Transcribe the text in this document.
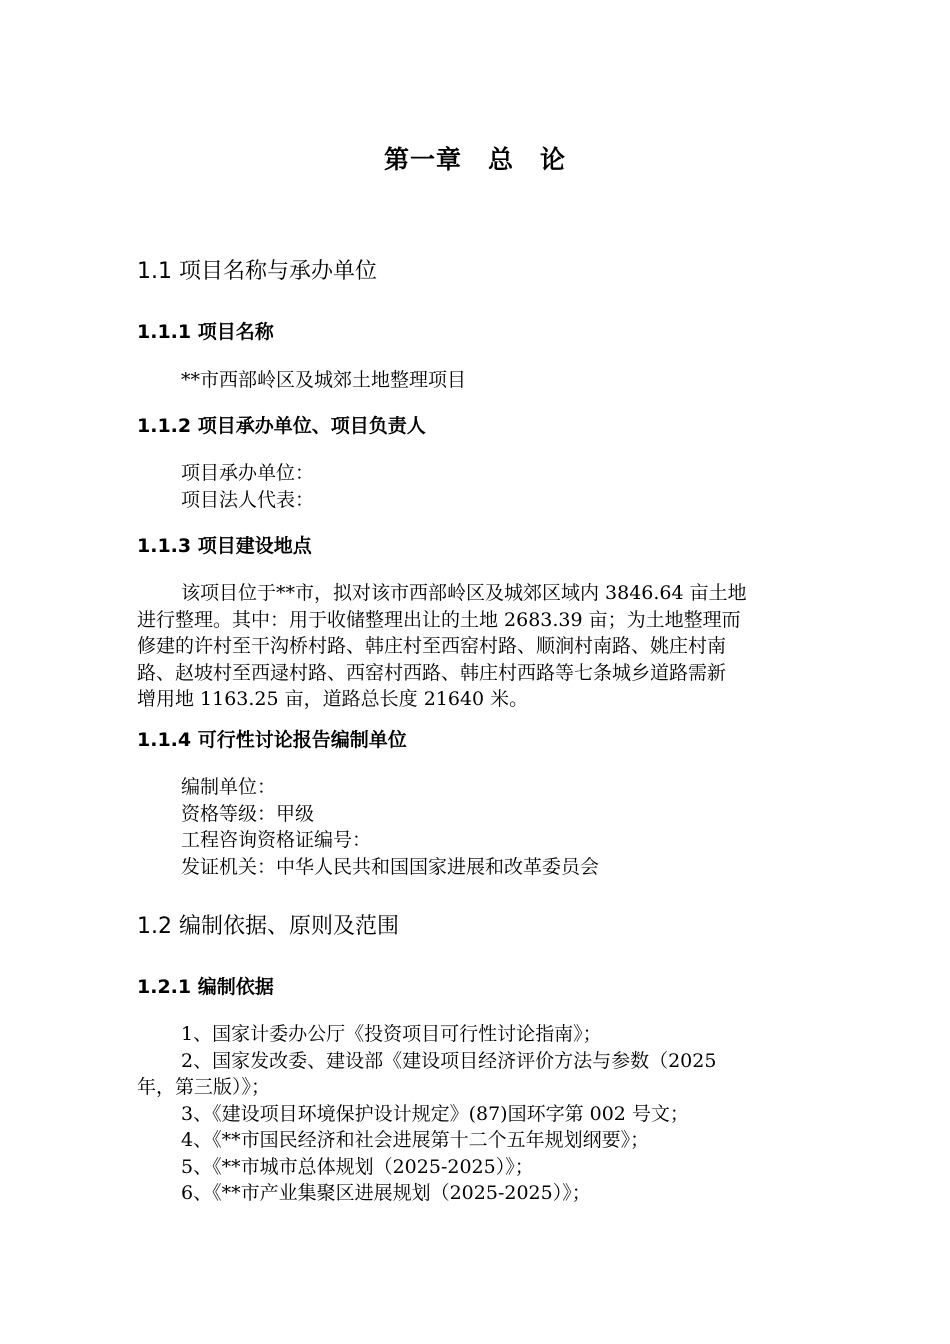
第一章 总 论
1.1 项目名称与承办单位
1.1.1 项目名称

**市西部岭区及城郊土地整理项目

1.1.2 项目承办单位、项目负责人

项目承办单位：
项目法人代表：

1.1.3 项目建设地点

该项目位于**市，拟对该市西部岭区及城郊区域内 3846.64 亩土地
进行整理。其中：用于收储整理出让的土地 2683.39 亩；为土地整理而
修建的许村至干沟桥村路、韩庄村至西窑村路、顺涧村南路、姚庄村南
路、赵坡村至西逯村路、西窑村西路、韩庄村西路等七条城乡道路需新
增用地 1163.25 亩，道路总长度 21640 米。

1.1.4 可行性讨论报告编制单位

编制单位：
资格等级：甲级
工程咨询资格证编号：
发证机关：中华人民共和国国家进展和改革委员会

1.2 编制依据、原则及范围
1.2.1 编制依据

1、国家计委办公厅《投资项目可行性讨论指南》；
2、国家发改委、建设部《建设项目经济评价方法与参数（2025
年，第三版）》；
3、《建设项目环境保护设计规定》(87)国环字第 002 号文；
4、《**市国民经济和社会进展第十二个五年规划纲要》；
5、《**市城市总体规划（2025-2025）》；
6、《**市产业集聚区进展规划（2025-2025）》；
